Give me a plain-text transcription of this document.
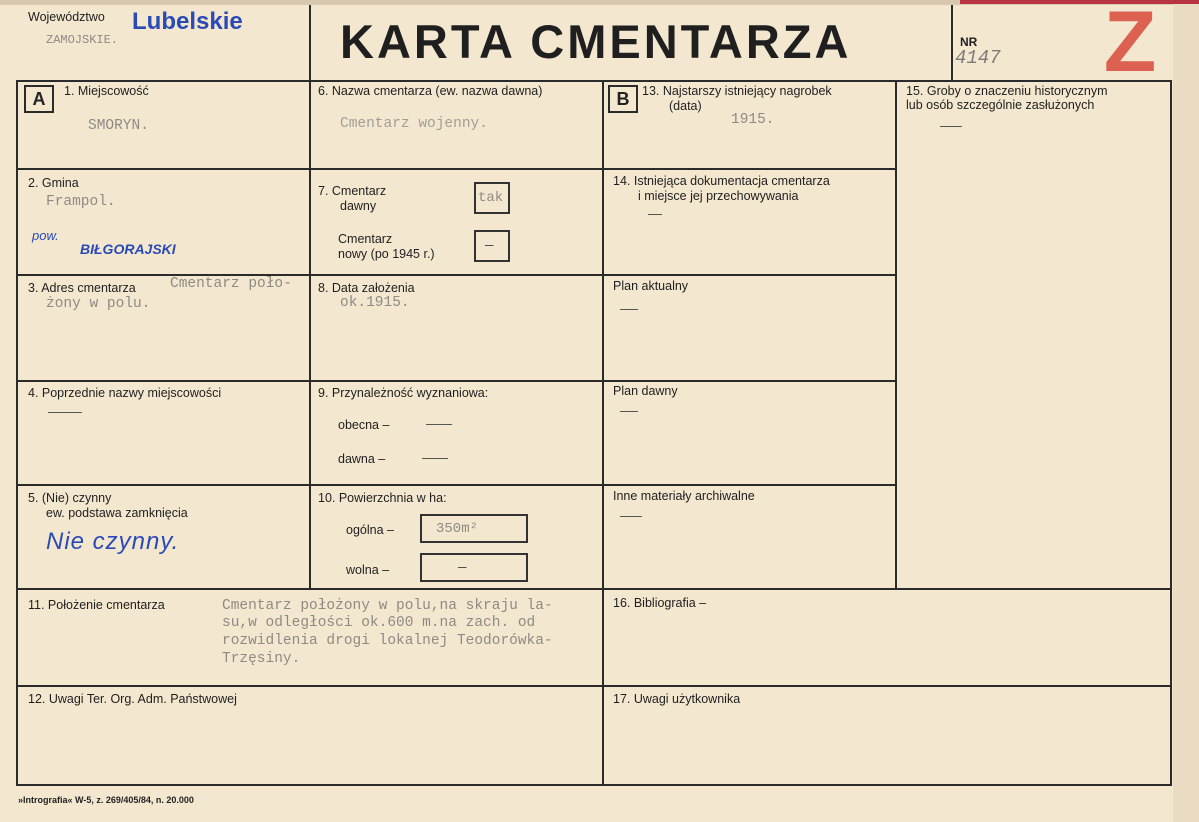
Województwo Lubelskie
ZAMOJSKIE.	KARTA CMENTARZA	NR
4147 Z
A	1. Miejscowość
SMORYN.
2. Gmina
Frampol.
pow.
BIŁGORAJSKI
3. Adres cmentarza Cmentarz poło-
żony w polu.
4. Poprzednie nazwy miejscowości
5. (Nie) czynny
ew. podstawa zamknięcia
Nie czynny.
6. Nazwa cmentarza (ew. nazwa dawna)
Cmentarz wojenny.
7. Cmentarz
dawny	tak
Cmentarz
nowy (po 1945 r.)	—
8. Data założenia
ok.1915.
9. Przynależność wyznaniowa:
obecna –
dawna –
10. Powierzchnia w ha:
ogólna –	350m²
wolna –	—
B	13. Najstarszy istniejący nagrobek
(data)
1915.
14. Istniejąca dokumentacja cmentarza
i miejsce jej przechowywania
Plan aktualny
Plan dawny
Inne materiały archiwalne
15. Groby o znaczeniu historycznym
lub osób szczególnie zasłużonych
11. Położenie cmentarza	Cmentarz położony w polu,na skraju la-
su,w odległości ok.600 m.na zach. od
rozwidlenia drogi lokalnej Teodorówka-
Trzęsiny.
16. Bibliografia –
12. Uwagi Ter. Org. Adm. Państwowej	17. Uwagi użytkownika
»Intrografia« W-5, z. 269/405/84, n. 20.000
